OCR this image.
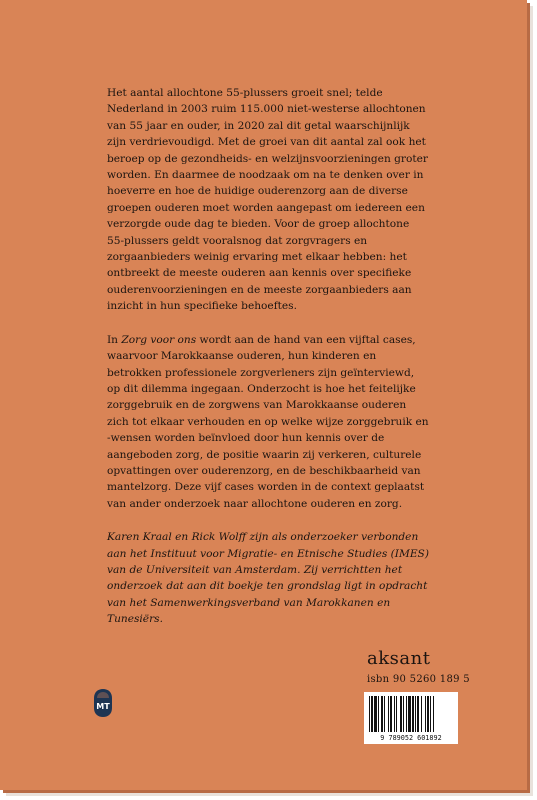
Het aantal allochtone 55-plussers groeit snel; telde Nederland in 2003 ruim 115.000 niet-westerse allochtonen van 55 jaar en ouder, in 2020 zal dit getal waarschijnlijk zijn verdrievoudigd. Met de groei van dit aantal zal ook het beroep op de gezondheids- en welzijnsvoorzieningen groter worden. En daarmee de noodzaak om na te denken over in hoeverre en hoe de huidige ouderenzorg aan de diverse groepen ouderen moet worden aangepast om iedereen een verzorgde oude dag te bieden. Voor de groep allochtone 55-plussers geldt vooralsnog dat zorgvragers en zorgaanbieders weinig ervaring met elkaar hebben: het ontbreekt de meeste ouderen aan kennis over specifieke ouderenvoorzieningen en de meeste zorgaanbieders aan inzicht in hun specifieke behoeftes.

In Zorg voor ons wordt aan de hand van een vijftal cases, waarvoor Marokkaanse ouderen, hun kinderen en betrokken professionele zorgverleners zijn geïnterviewd, op dit dilemma ingegaan. Onderzocht is hoe het feitelijke zorggebruik en de zorgwens van Marokkaanse ouderen zich tot elkaar verhouden en op welke wijze zorggebruik en -wensen worden beïnvloed door hun kennis over de aangeboden zorg, de positie waarin zij verkeren, culturele opvattingen over ouderenzorg, en de beschikbaarheid van mantelzorg. Deze vijf cases worden in de context geplaatst van ander onderzoek naar allochtone ouderen en zorg.

Karen Kraal en Rick Wolff zijn als onderzoeker verbonden aan het Instituut voor Migratie- en Etnische Studies (IMES) van de Universiteit van Amsterdam. Zij verrichtten het onderzoek dat aan dit boekje ten grondslag ligt in opdracht van het Samenwerkingsverband van Marokkanen en Tunesiërs.

MT
aksant
isbn 90 5260 189 5
9 789052 601892
